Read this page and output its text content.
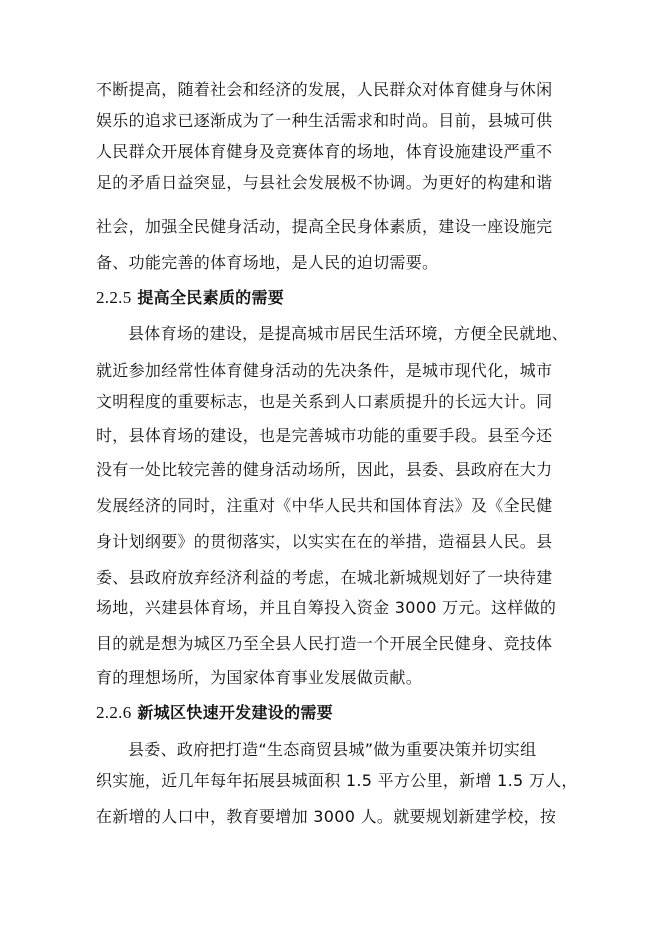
不断提高，随着社会和经济的发展，人民群众对体育健身与休闲
娱乐的追求已逐渐成为了一种生活需求和时尚。目前，县城可供
人民群众开展体育健身及竞赛体育的场地，体育设施建设严重不
足的矛盾日益突显，与县社会发展极不协调。为更好的构建和谐
社会，加强全民健身活动，提高全民身体素质，建设一座设施完
备、功能完善的体育场地，是人民的迫切需要。
2.2.5 提高全民素质的需要
县体育场的建设，是提高城市居民生活环境，方便全民就地、
就近参加经常性体育健身活动的先决条件，是城市现代化，城市
文明程度的重要标志，也是关系到人口素质提升的长远大计。同
时，县体育场的建设，也是完善城市功能的重要手段。县至今还
没有一处比较完善的健身活动场所，因此，县委、县政府在大力
发展经济的同时，注重对《中华人民共和国体育法》及《全民健
身计划纲要》的贯彻落实，以实实在在的举措，造福县人民。县
委、县政府放弃经济利益的考虑，在城北新城规划好了一块待建
场地，兴建县体育场，并且自筹投入资金 3000 万元。这样做的
目的就是想为城区乃至全县人民打造一个开展全民健身、竞技体
育的理想场所，为国家体育事业发展做贡献。
2.2.6 新城区快速开发建设的需要
县委、政府把打造“生态商贸县城”做为重要决策并切实组
织实施，近几年每年拓展县城面积 1.5 平方公里，新增 1.5 万人，
在新增的人口中，教育要增加 3000 人。就要规划新建学校，按
